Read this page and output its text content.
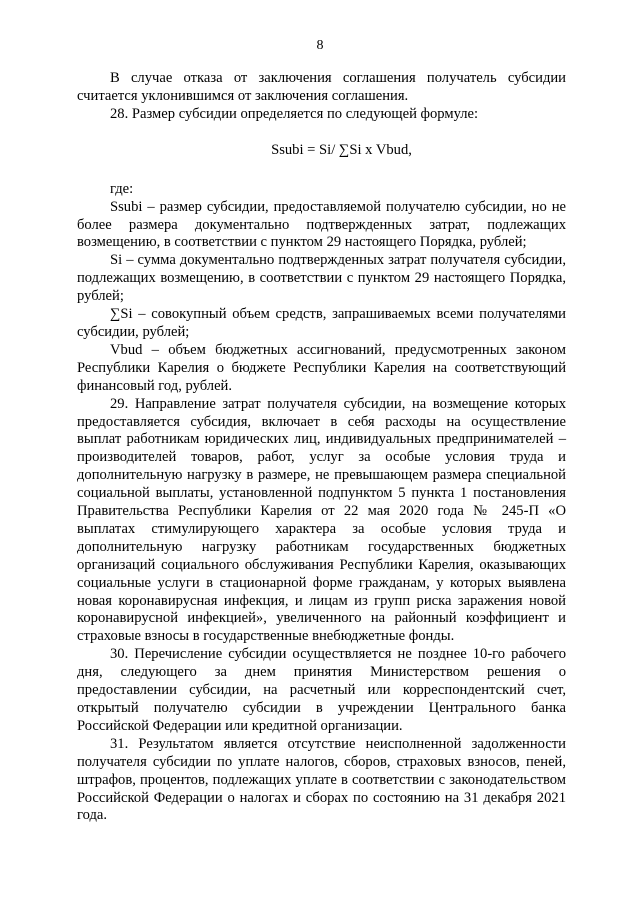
8

В случае отказа от заключения соглашения получатель субсидии считается уклонившимся от заключения соглашения.

28. Размер субсидии определяется по следующей формуле:

Ssubi = Si/ ∑Si x Vbud,

где:

Ssubi – размер субсидии, предоставляемой получателю субсидии, но не более размера документально подтвержденных затрат, подлежащих возмещению, в соответствии с пунктом 29 настоящего Порядка, рублей;

Si – сумма документально подтвержденных затрат получателя субсидии, подлежащих возмещению, в соответствии с пунктом 29 настоящего Порядка, рублей;

∑Si – совокупный объем средств, запрашиваемых всеми получателями субсидии, рублей;

Vbud – объем бюджетных ассигнований, предусмотренных законом Республики Карелия о бюджете Республики Карелия на соответствующий финансовый год, рублей.

29. Направление затрат получателя субсидии, на возмещение которых предоставляется субсидия, включает в себя расходы на осуществление выплат работникам юридических лиц, индивидуальных предпринимателей – производителей товаров, работ, услуг за особые условия труда и дополнительную нагрузку в размере, не превышающем размера специальной социальной выплаты, установленной подпунктом 5 пункта 1 постановления Правительства Республики Карелия от 22 мая 2020 года № 245-П «О выплатах стимулирующего характера за особые условия труда и дополнительную нагрузку работникам государственных бюджетных организаций социального обслуживания Республики Карелия, оказывающих социальные услуги в стационарной форме гражданам, у которых выявлена новая коронавирусная инфекция, и лицам из групп риска заражения новой коронавирусной инфекцией», увеличенного на районный коэффициент и страховые взносы в государственные внебюджетные фонды.

30. Перечисление субсидии осуществляется не позднее 10-го рабочего дня, следующего за днем принятия Министерством решения о предоставлении субсидии, на расчетный или корреспондентский счет, открытый получателю субсидии в учреждении Центрального банка Российской Федерации или кредитной организации.

31. Результатом является отсутствие неисполненной задолженности получателя субсидии по уплате налогов, сборов, страховых взносов, пеней, штрафов, процентов, подлежащих уплате в соответствии с законодательством Российской Федерации о налогах и сборах по состоянию на 31 декабря 2021 года.
